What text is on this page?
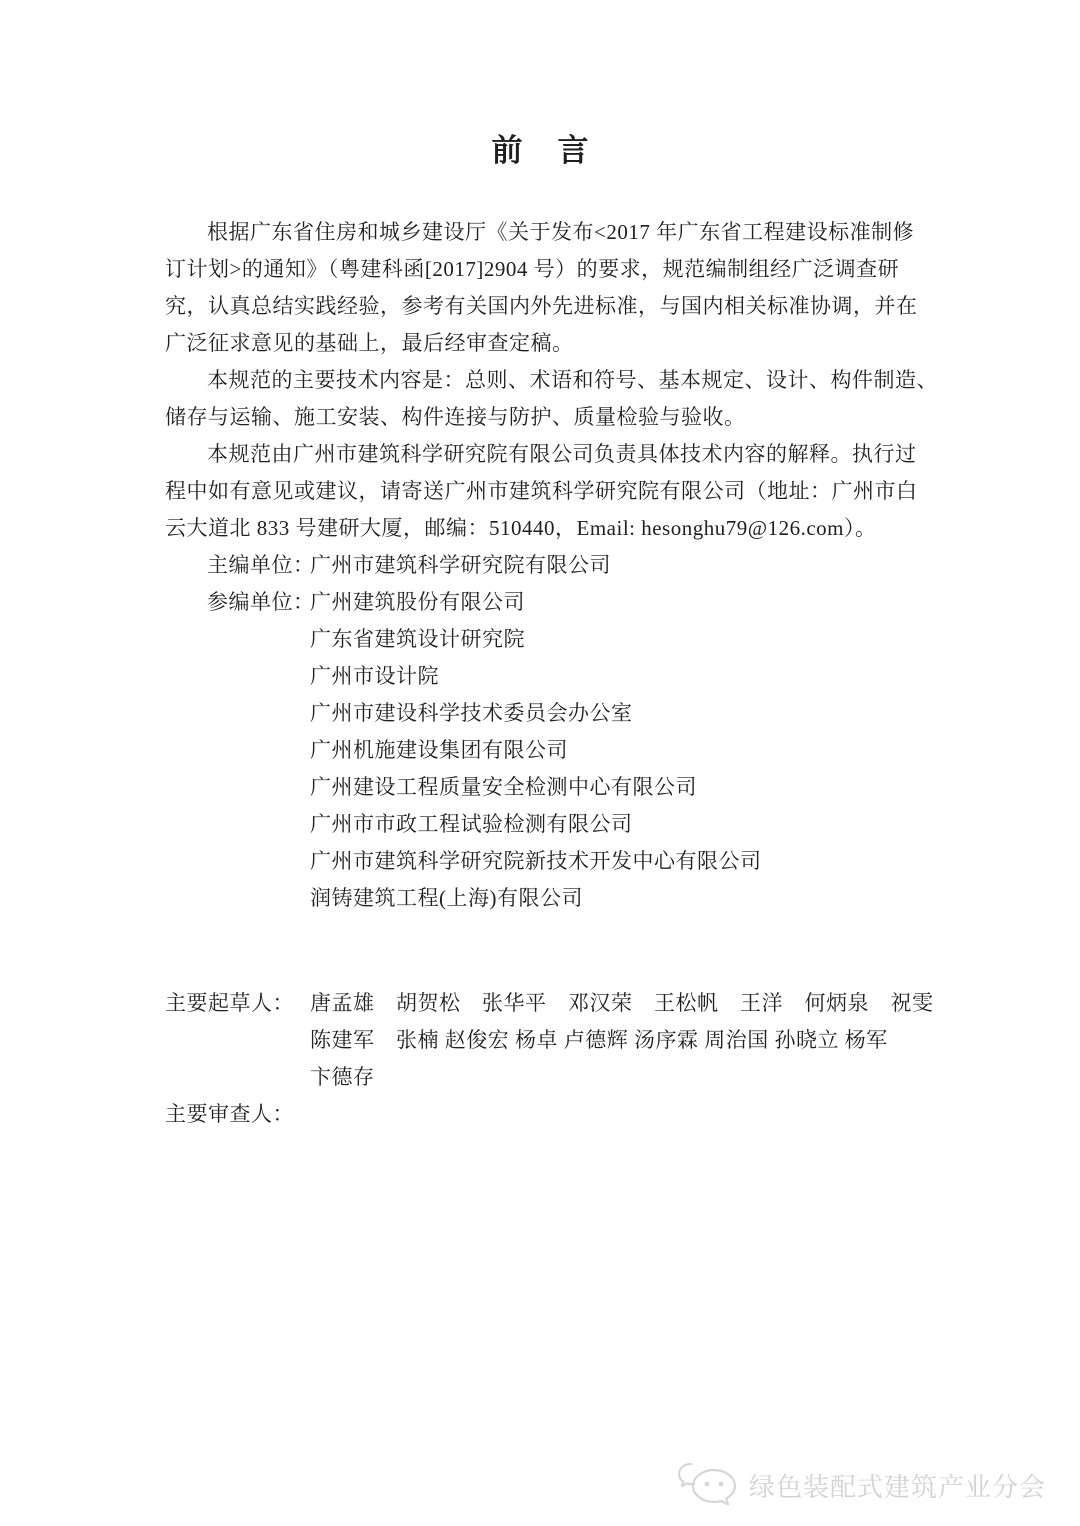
前　言
根据广东省住房和城乡建设厅《关于发布<2017 年广东省工程建设标准制修
订计划>的通知》（粤建科函[2017]2904 号）的要求，规范编制组经广泛调查研
究，认真总结实践经验，参考有关国内外先进标准，与国内相关标准协调，并在
广泛征求意见的基础上，最后经审查定稿。
本规范的主要技术内容是：总则、术语和符号、基本规定、设计、构件制造、
储存与运输、施工安装、构件连接与防护、质量检验与验收。
本规范由广州市建筑科学研究院有限公司负责具体技术内容的解释。执行过
程中如有意见或建议，请寄送广州市建筑科学研究院有限公司（地址：广州市白
云大道北 833 号建研大厦，邮编：510440，Email: hesonghu79@126.com）。
主编单位：
广州市建筑科学研究院有限公司
参编单位：
广州建筑股份有限公司
广东省建筑设计研究院
广州市设计院
广州市建设科学技术委员会办公室
广州机施建设集团有限公司
广州建设工程质量安全检测中心有限公司
广州市市政工程试验检测有限公司
广州市建筑科学研究院新技术开发中心有限公司
润铸建筑工程(上海)有限公司
主要起草人： 唐孟雄　胡贺松　张华平　邓汉荣　王松帆　王洋　何炳泉　祝雯
陈建军　张楠 赵俊宏 杨卓 卢德辉 汤序霖 周治国 孙晓立 杨军
卞德存
主要审查人：
绿色装配式建筑产业分会
